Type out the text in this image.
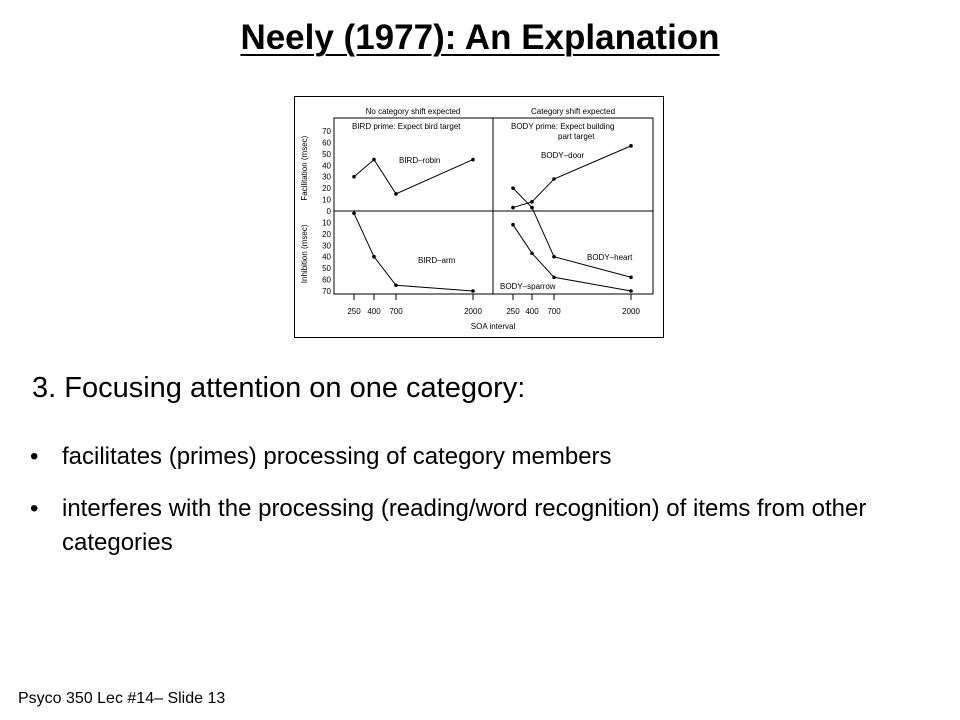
Neely (1977): An Explanation
No category shift expected	Category shift expected
BIRD prime: Expect bird target	BODY prime: Expect building
part target
70
60
50
40
30
20
10
0
10
20
30
40
50
60
70
Facilitation (msec)
Inhibition (msec)
250 400 700	2000	250 400 700	2000
SOA interval
BIRD–robin
BIRD–arm
BODY–door
BODY–heart
BODY–sparrow
3. Focusing attention on one category:
• facilitates (primes) processing of category members
• interferes with the processing (reading/word recognition) of items from other categories
Psyco 350 Lec #14– Slide 13
